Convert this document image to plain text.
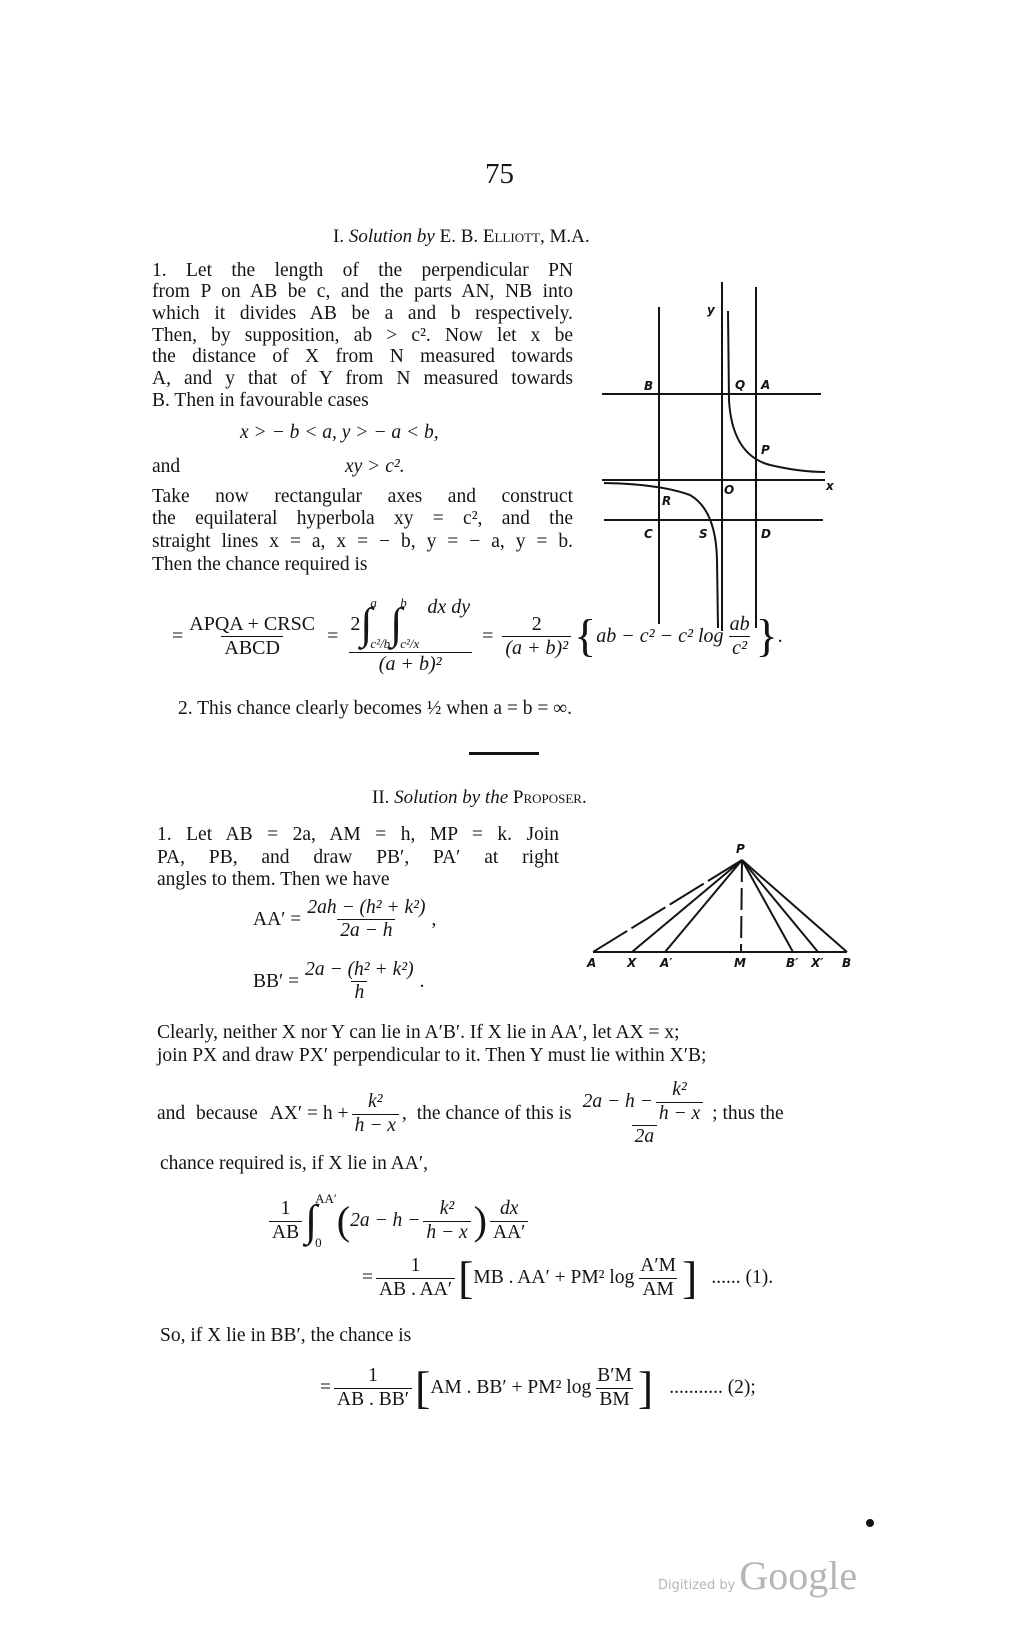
75
I. Solution by E. B. Elliott, M.A.
1. Let the length of the perpendicular PN
from P on AB be c, and the parts AN, NB into
which it divides AB be a and b respectively.
Then, by supposition, ab > c². Now let x be
the distance of X from N measured towards
A, and y that of Y from N measured towards
B. Then in favourable cases
x > − b < a, y > − a < b,
and	xy > c².
Take now rectangular axes and construct
the equilateral hyperbola xy = c², and the
straight lines x = a, x = − b, y = − a, y = b.
Then the chance required is
y
B	Q A
P
O	x
R
C	S	D
= $\frac{\text{APQA + CRSC}}{\text{ABCD}}$ =
2 ∫
a
c²/b ∫
b
c²/x
dx dy
(a + b)²
= $\frac{2}{\text{(a + b)²}}$ { ab − c² − c² $\log \frac{ab}{\text{c²}}$ } .
2. This chance clearly becomes ½ when a = b = ∞.
II. Solution by the Proposer.
1. Let AB = 2a, AM = h, MP = k. Join
PA, PB, and draw PB′, PA′ at right
angles to them. Then we have
$AA' = \frac{\text{2ah − (h² + k²)}}{2a - h}$ ,
$BB' = \frac{\text{2a − (h² + k²)}}{h}$ .
P
A	X A′	M	B′ X′ B
Clearly, neither X nor Y can lie in A′B′. If X lie in AA′, let AX = x;
join PX and draw PX′ perpendicular to it. Then Y must lie within X′B;
and because $AX' = h + \frac{\text{k²}}{h - x}$ , the chance of this is $\frac{2a - h - \frac{\text{k²}}{h - x}}{2a}$ ; thus the
chance required is, if X lie in AA′,
$\frac{1}{AB}$ ∫
AA′
0 ( $2a - h - \frac{\text{k²}}{h - x}$ ) $\frac{dx}{AA'}$
= $\frac{1}{AB . AA'}$ [ MB . AA′ + PM² $\log \frac{A'M}{AM}$ ] ...... (1).
So, if X lie in BB′, the chance is
= $\frac{1}{AB . BB'}$ [ AM . BB′ + PM² $\log \frac{B'M}{BM}$ ] ........... (2);
Digitized by Google
